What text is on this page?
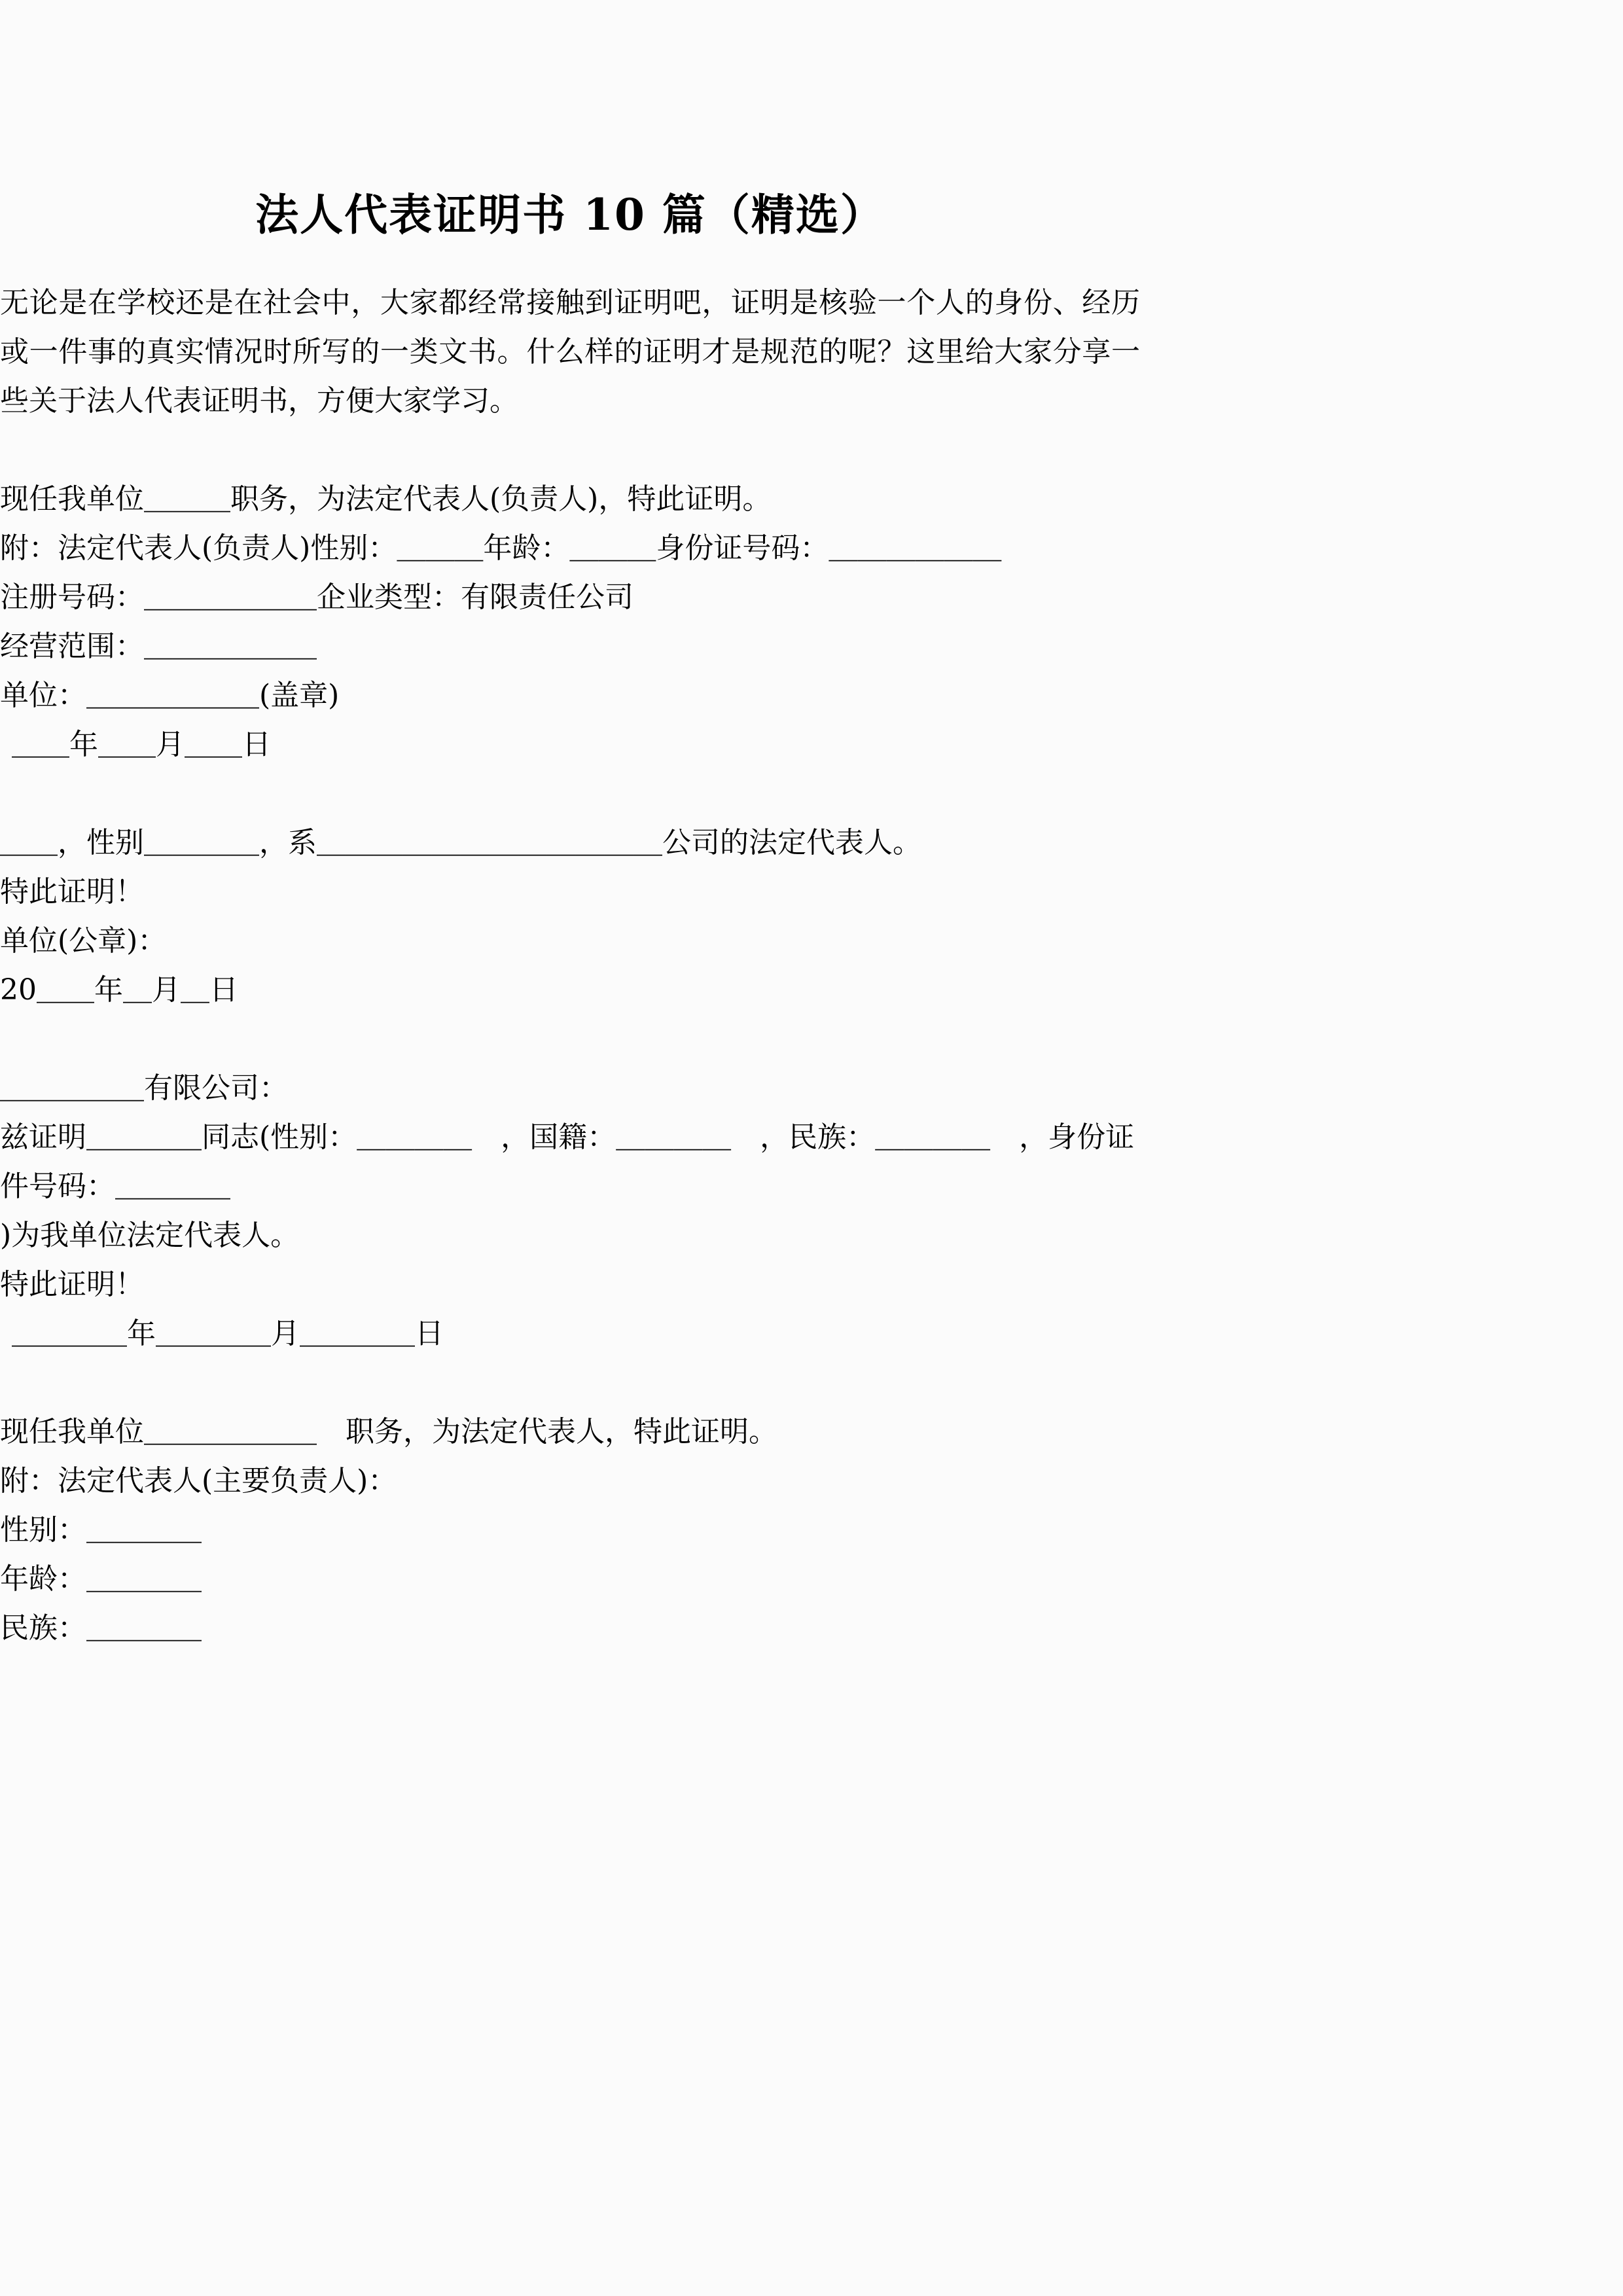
法人代表证明书 10 篇（精选）

无论是在学校还是在社会中，大家都经常接触到证明吧，证明是核验一个人的身份、经历或一件事的真实情况时所写的一类文书。什么样的证明才是规范的呢？这里给大家分享一些关于法人代表证明书，方便大家学习。

现任我单位＿＿＿职务，为法定代表人(负责人)，特此证明。

附：法定代表人(负责人)性别：＿＿＿年龄：＿＿＿身份证号码：＿＿＿＿＿＿

注册号码：＿＿＿＿＿＿企业类型：有限责任公司

经营范围：＿＿＿＿＿＿

单位：＿＿＿＿＿＿(盖章)

＿＿年＿＿月＿＿日

＿＿，性别＿＿＿＿，系＿＿＿＿＿＿＿＿＿＿＿＿公司的法定代表人。

特此证明！

单位(公章)：

20＿＿年＿月＿日

＿＿＿＿＿有限公司：

兹证明＿＿＿＿同志(性别：＿＿＿＿　，国籍：＿＿＿＿　，民族：＿＿＿＿　，身份证件号码：＿＿＿＿

)为我单位法定代表人。

特此证明！

＿＿＿＿年＿＿＿＿月＿＿＿＿日

现任我单位＿＿＿＿＿＿　职务，为法定代表人，特此证明。

附：法定代表人(主要负责人)：

性别：＿＿＿＿

年龄：＿＿＿＿

民族：＿＿＿＿
